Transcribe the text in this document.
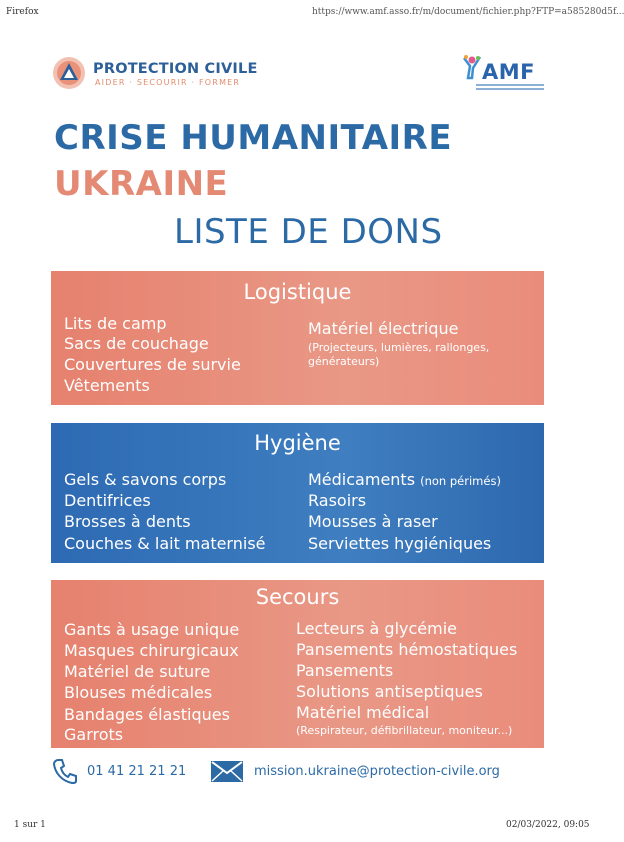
Firefox	https://www.amf.asso.fr/m/document/fichier.php?FTP=a585280d5f...
PROTECTION CIVILE
AIDER · SECOURIR · FORMER	AMF
CRISE HUMANITAIRE
UKRAINE
LISTE DE DONS
Logistique
Lits de camp
Sacs de couchage
Couvertures de survie
Vêtements
Matériel électrique
(Projecteurs, lumières, rallonges,
générateurs)
Hygiène
Gels & savons corps
Dentifrices
Brosses à dents
Couches & lait maternisé
Médicaments (non périmés)
Rasoirs
Mousses à raser
Serviettes hygiéniques
Secours
Gants à usage unique
Masques chirurgicaux
Matériel de suture
Blouses médicales
Bandages élastiques
Garrots
Lecteurs à glycémie
Pansements hémostatiques
Pansements
Solutions antiseptiques
Matériel médical
(Respirateur, défibrillateur, moniteur...)
01 41 21 21 21	mission.ukraine@protection-civile.org
1 sur 1	02/03/2022, 09:05
